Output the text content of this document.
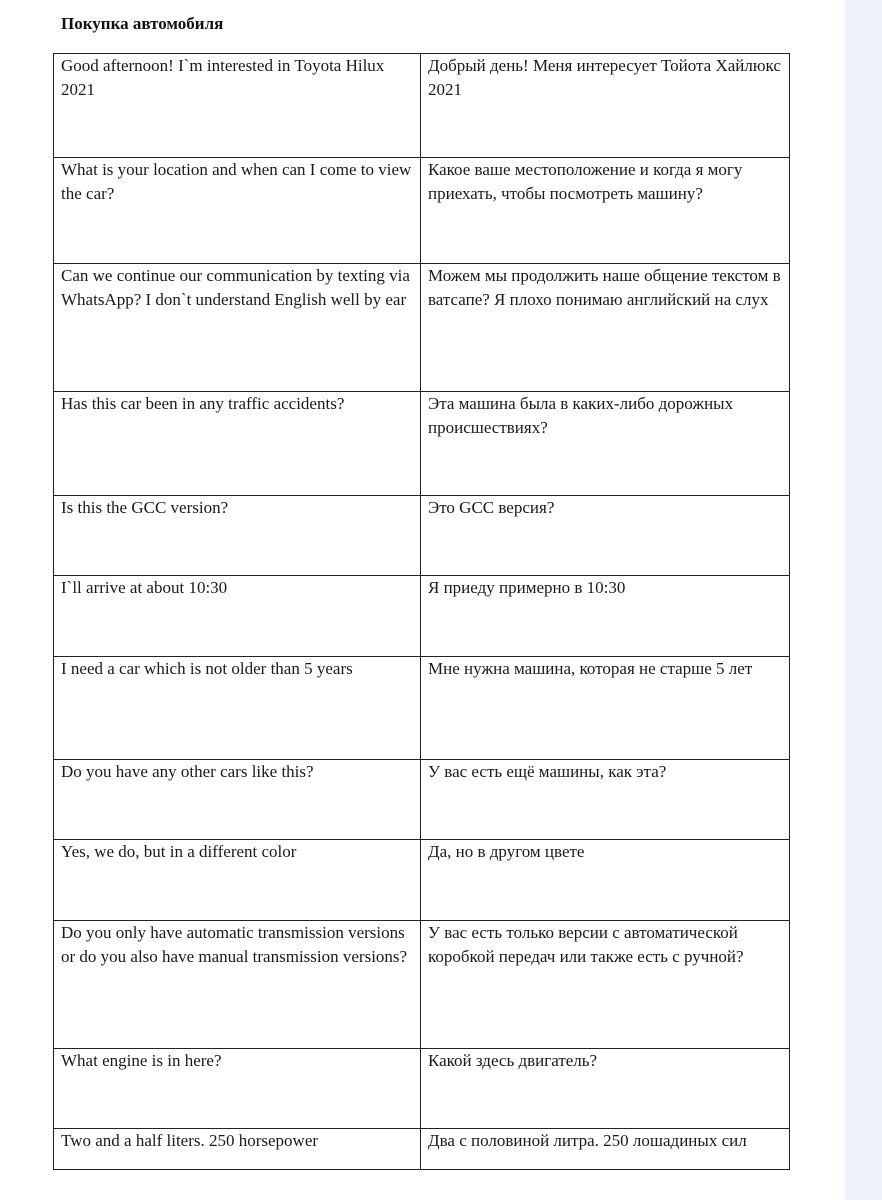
Покупка автомобиля
Good afternoon! I`m interested in Toyota Hilux 2021	Добрый день! Меня интересует Тойота Хайлюкс 2021

What is your location and when can I come to view the car?	Какое ваше местоположение и когда я могу приехать, чтобы посмотреть машину?

Can we continue our communication by texting via WhatsApp? I don`t understand English well by ear	Можем мы продолжить наше общение текстом в ватсапе? Я плохо понимаю английский на слух

Has this car been in any traffic accidents?	Эта машина была в каких-либо дорожных происшествиях?

Is this the GCC version?	Это GCC версия?

I`ll arrive at about 10:30	Я приеду примерно в 10:30

I need a car which is not older than 5 years	Мне нужна машина, которая не старше 5 лет

Do you have any other cars like this?	У вас есть ещё машины, как эта?

Yes, we do, but in a different color	Да, но в другом цвете

Do you only have automatic transmission versions or do you also have manual transmission versions?	У вас есть только версии с автоматической коробкой передач или также есть с ручной?

What engine is in here?	Какой здесь двигатель?

Two and a half liters. 250 horsepower	Два с половиной литра. 250 лошадиных сил
